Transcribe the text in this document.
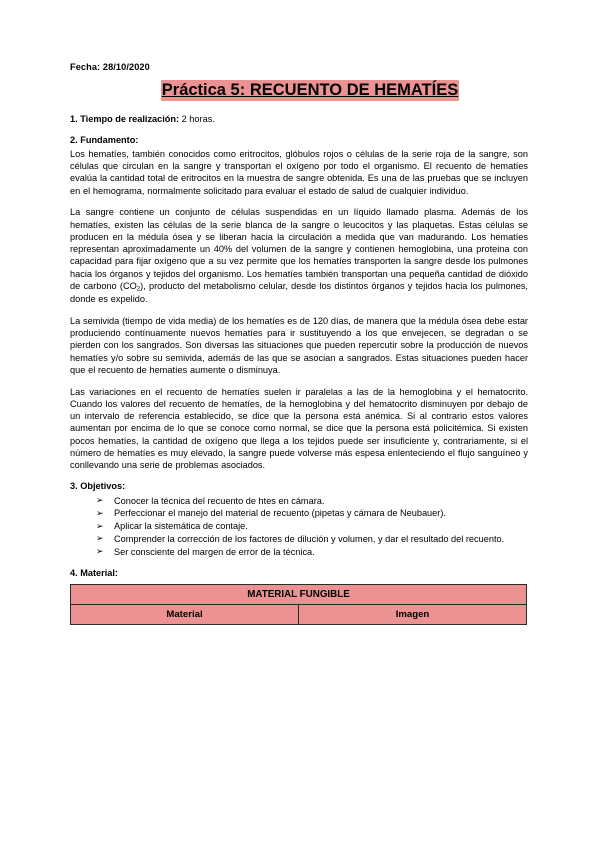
Fecha: 28/10/2020
Práctica 5: RECUENTO DE HEMATÍES
1. Tiempo de realización: 2 horas.
2. Fundamento:

Los hematíes, también conocidos como eritrocitos, glóbulos rojos o células de la serie roja de la sangre, son células que circulan en la sangre y transportan el oxígeno por todo el organismo. El recuento de hematíes evalúa la cantidad total de eritrocitos en la muestra de sangre obtenida. Es una de las pruebas que se incluyen en el hemograma, normalmente solicitado para evaluar el estado de salud de cualquier individuo.

La sangre contiene un conjunto de células suspendidas en un líquido llamado plasma. Además de los hematíes, existen las células de la serie blanca de la sangre o leucocitos y las plaquetas. Estas células se producen en la médula ósea y se liberan hacia la circulación a medida que van madurando. Los hematíes representan aproximadamente un 40% del volumen de la sangre y contienen hemoglobina, una proteina con capacidad para fijar oxígeno que a su vez permite que los hematíes transporten la sangre desde los pulmones hacia los órganos y tejidos del organismo. Los hematíes también transportan una pequeña cantidad de dióxido de carbono $(CO_2)$, producto del metabolismo celular, desde los distintos órganos y tejidos hacia los pulmones, donde es expelido.

La semivida (tiempo de vida media) de los hematíes es de 120 días, de manera que la médula ósea debe estar produciendo contínuamente nuevos hematíes para ir sustituyendo a los que envejecen, se degradan o se pierden con los sangrados. Son diversas las situaciones que pueden repercutir sobre la producción de nuevos hematíes y/o sobre su semivida, además de las que se asocian a sangrados. Estas situaciones pueden hacer que el recuento de hematíes aumente o disminuya.

Las variaciones en el recuento de hematíes suelen ir paralelas a las de la hemoglobina y el hematocrito. Cuando los valores del recuento de hematíes, de la hemoglobina y del hematocrito disminuyen por debajo de un intervalo de referencia establecido, se dice que la persona está anémica. Si al contrario estos valores aumentan por encima de lo que se conoce como normal, se dice que la persona está policitémica. Si existen pocos hematíes, la cantidad de oxígeno que llega a los tejidos puede ser insuficiente y, contrariamente, si el número de hematíes es muy elevado, la sangre puede volverse más espesa enlenteciendo el flujo sanguíneo y conllevando una serie de problemas asociados.

3. Objetivos:
➢ Conocer la técnica del recuento de htes en cámara.
➢ Perfeccionar el manejo del material de recuento (pipetas y cámara de Neubauer).
➢ Aplicar la sistemática de contaje.
➢ Comprender la corrección de los factores de dilución y volumen, y dar el resultado del recuento.
➢ Ser consciente del margen de error de la técnica.
4. Material:
MATERIAL FUNGIBLE
Material	Imagen
